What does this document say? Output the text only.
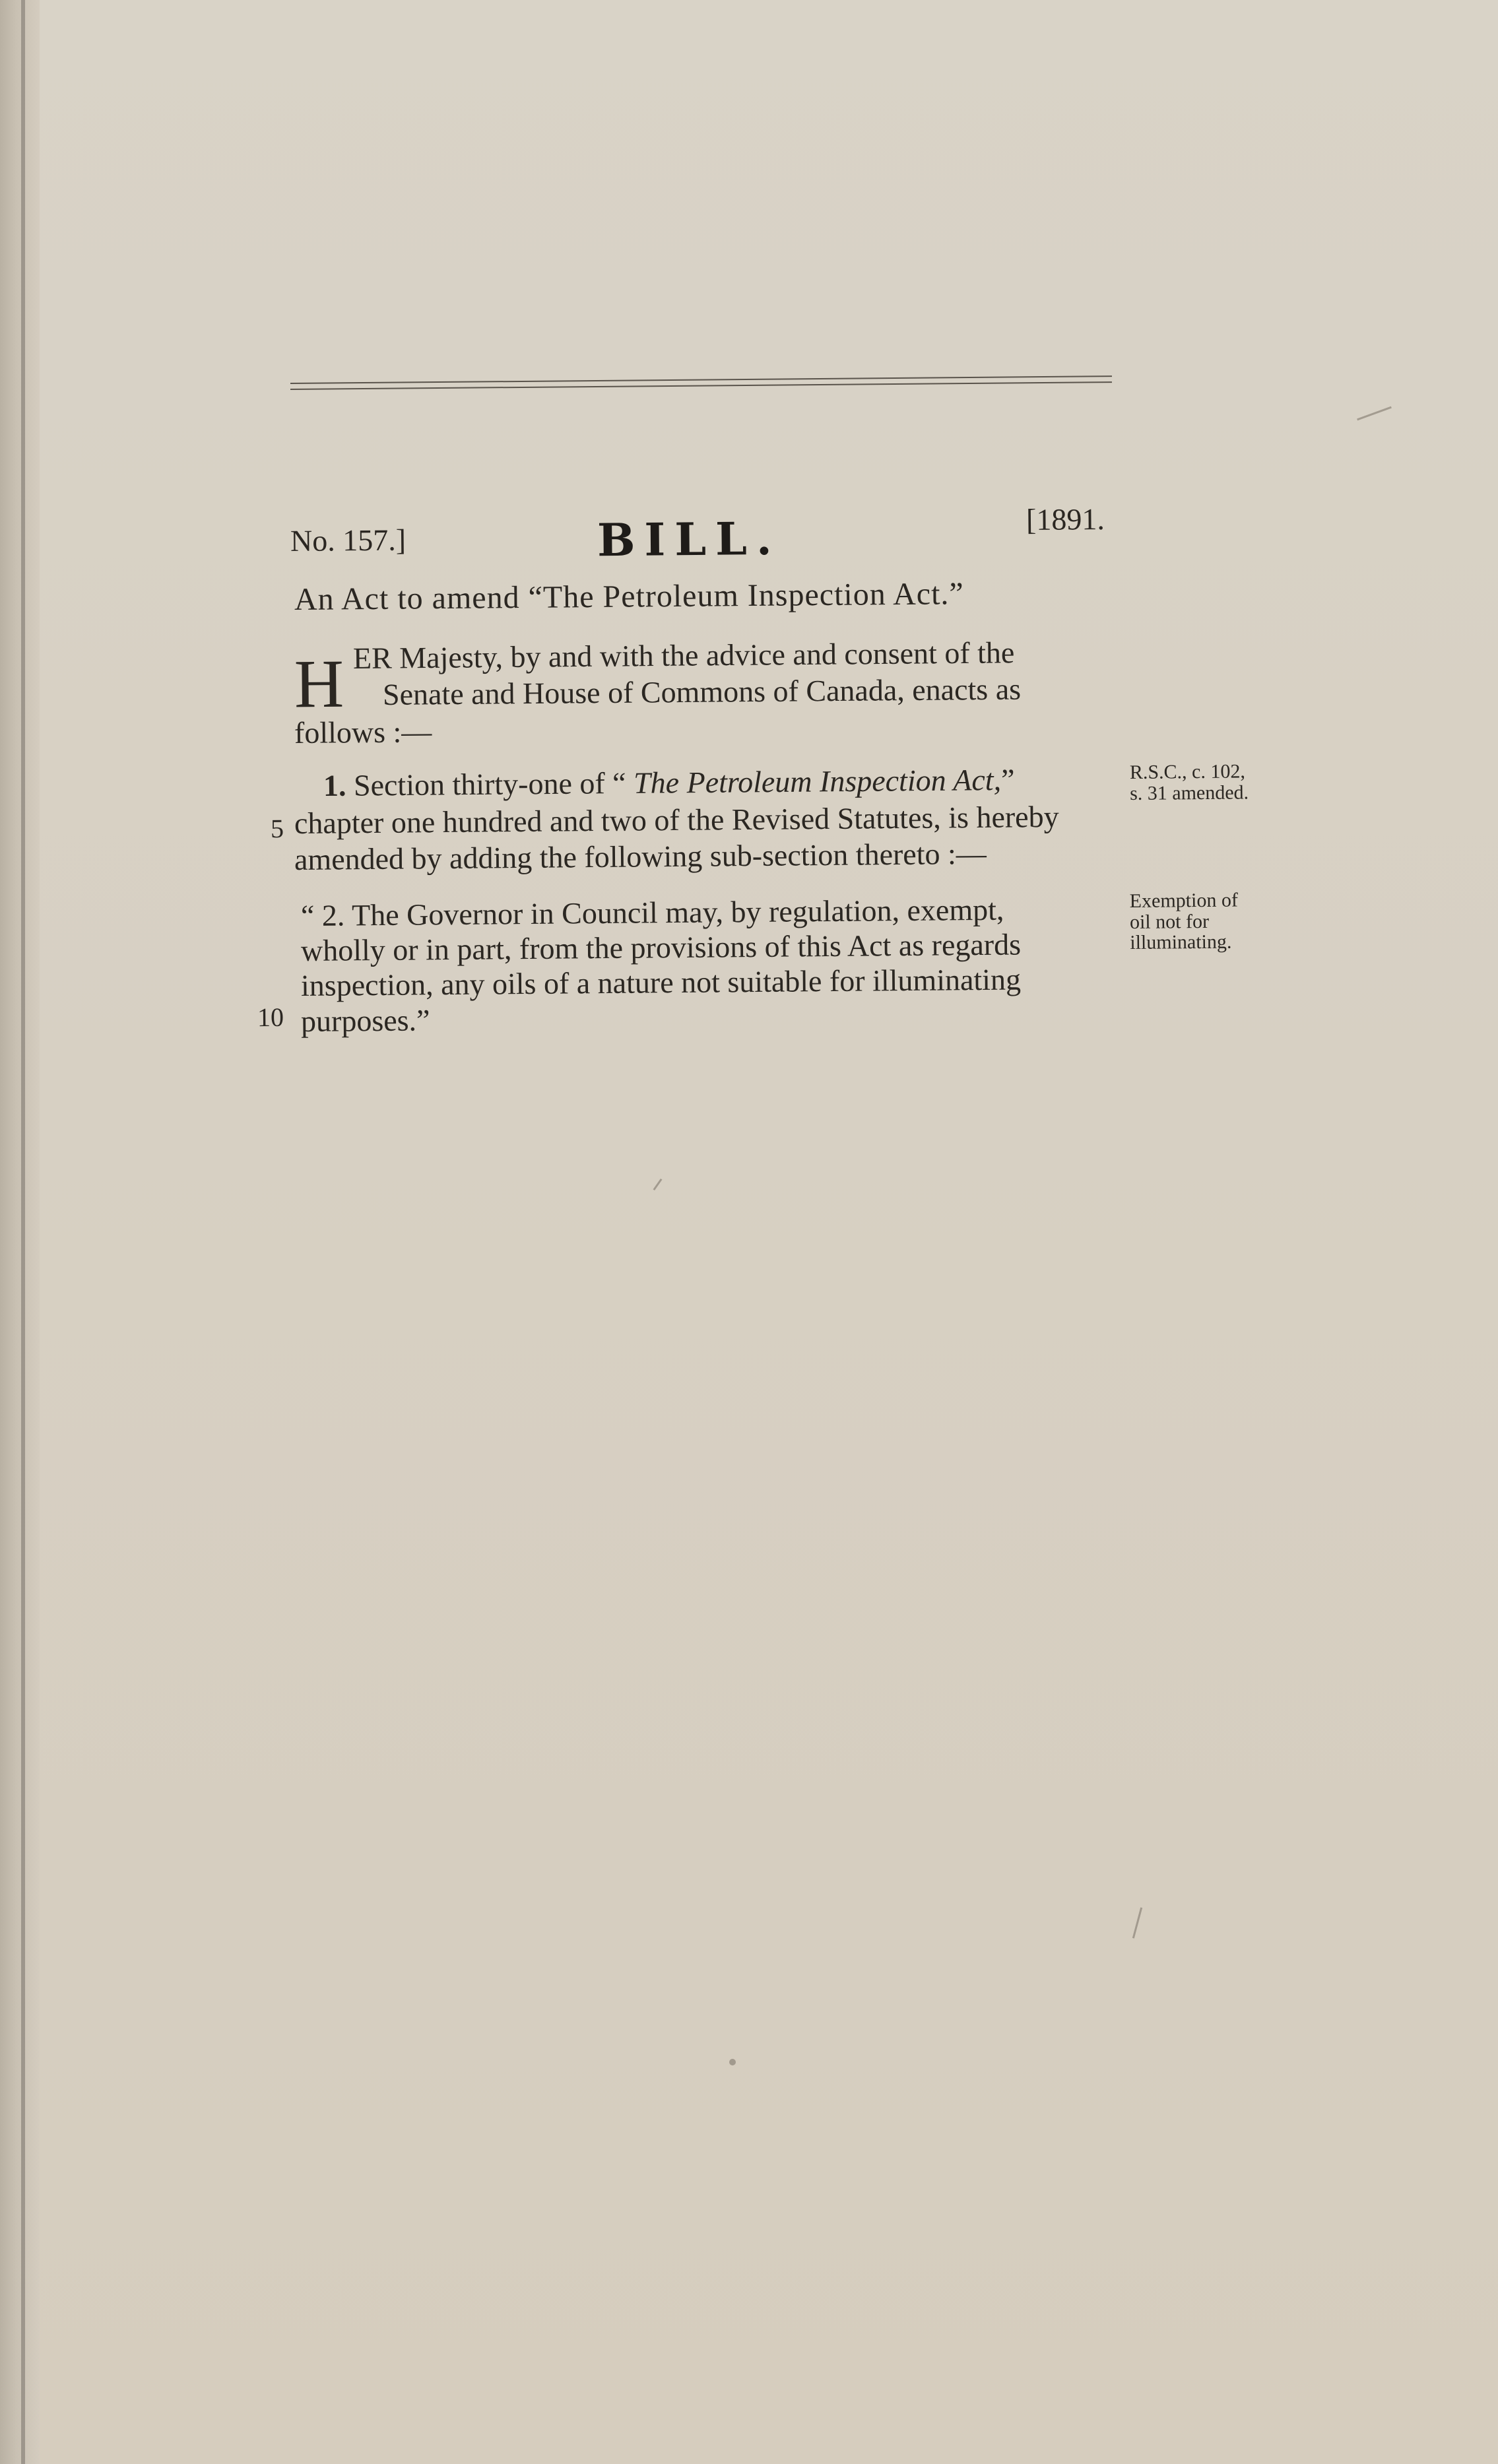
No. 157.]	BILL.	[1891.
An Act to amend “The Petroleum Inspection Act.”
H ER Majesty, by and with the advice and consent of the
Senate and House of Commons of Canada, enacts as
follows :—
1. Section thirty-one of “ The Petroleum Inspection Act,”
chapter one hundred and two of the Revised Statutes, is hereby
amended by adding the following sub-section thereto :—
“ 2. The Governor in Council may, by regulation, exempt,
wholly or in part, from the provisions of this Act as regards
inspection, any oils of a nature not suitable for illuminating
purposes.”
5
10
R.S.C., c. 102,
s. 31 amended.
Exemption of
oil not for
illuminating.
